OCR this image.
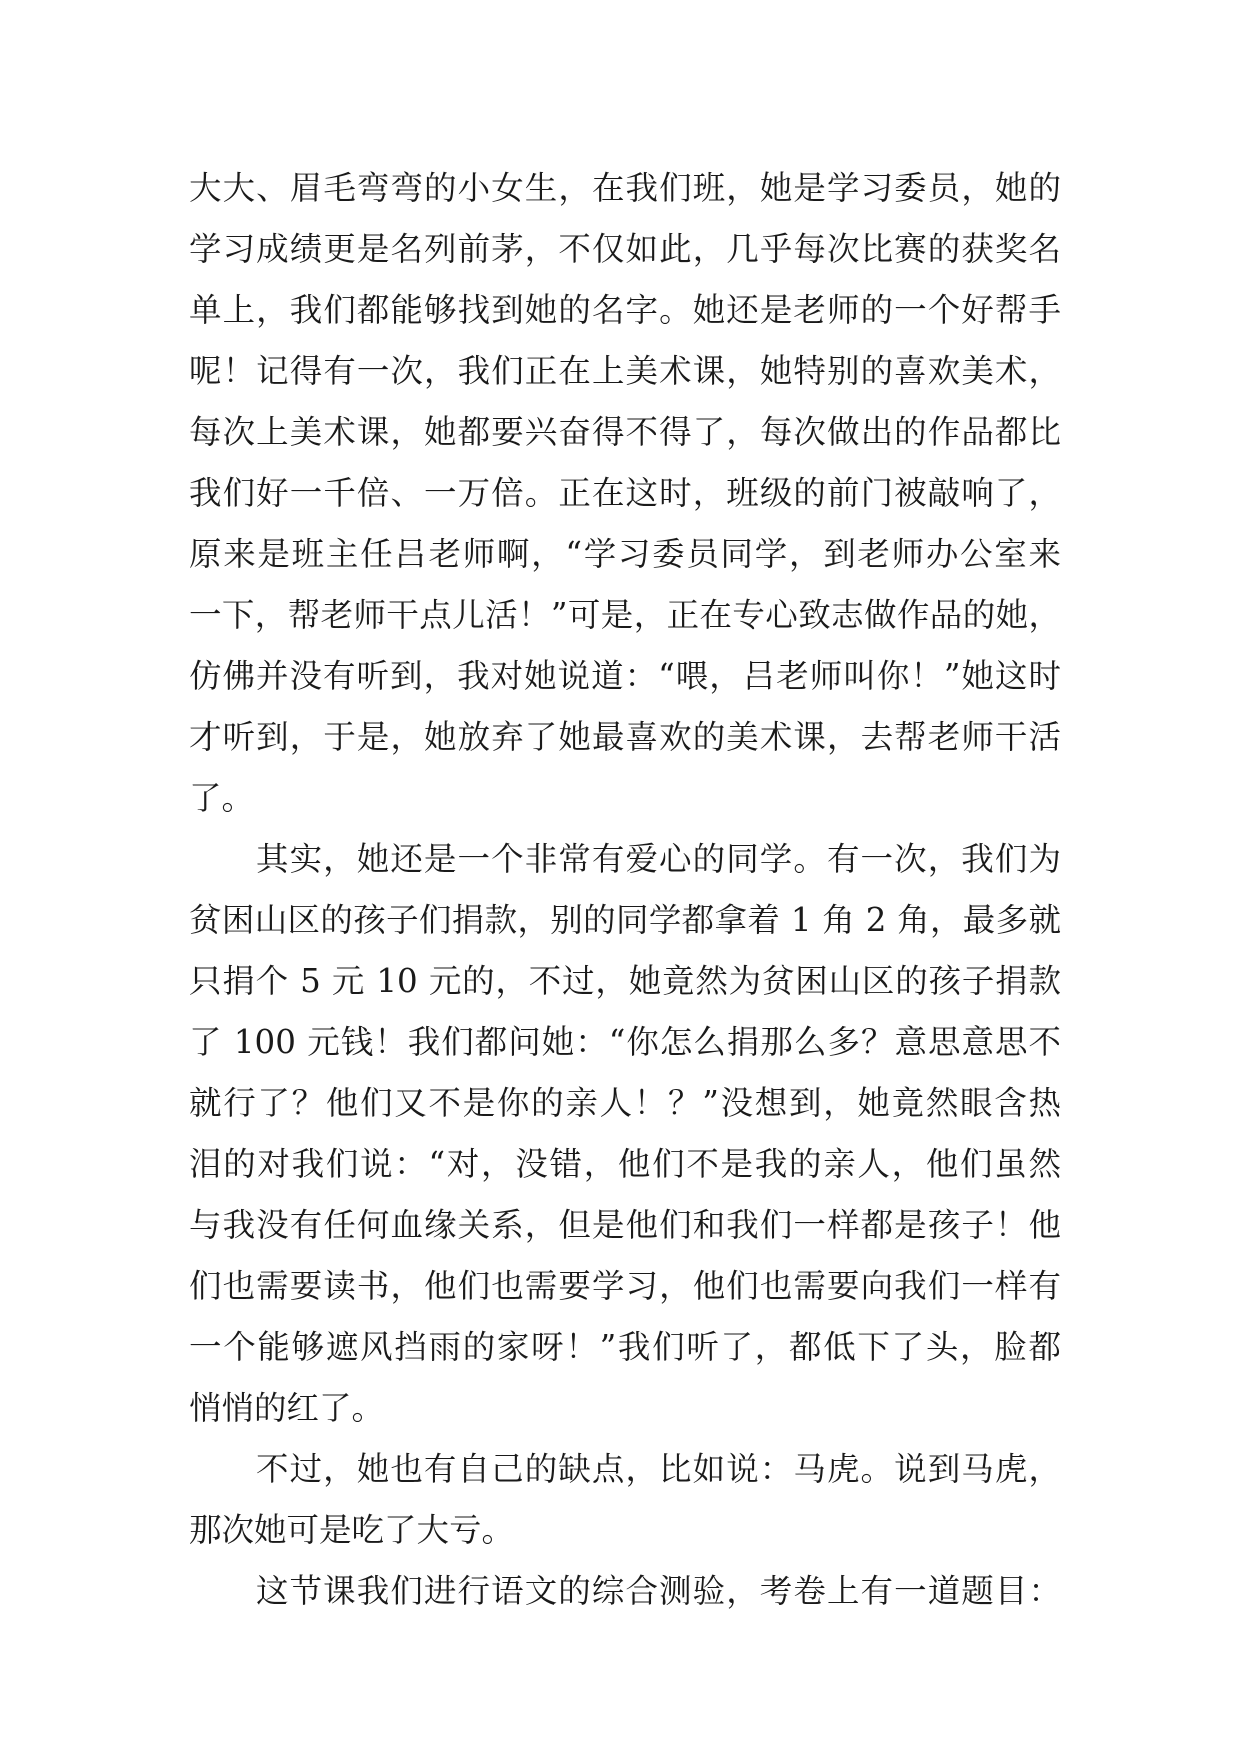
大大、眉毛弯弯的小女生，在我们班，她是学习委员，她的
学习成绩更是名列前茅，不仅如此，几乎每次比赛的获奖名
单上，我们都能够找到她的名字。她还是老师的一个好帮手
呢！记得有一次，我们正在上美术课，她特别的喜欢美术，
每次上美术课，她都要兴奋得不得了，每次做出的作品都比
我们好一千倍、一万倍。正在这时，班级的前门被敲响了，
原来是班主任吕老师啊，“学习委员同学，到老师办公室来
一下，帮老师干点儿活！”可是，正在专心致志做作品的她，
仿佛并没有听到，我对她说道：“喂，吕老师叫你！”她这时
才听到，于是，她放弃了她最喜欢的美术课，去帮老师干活
了。
其实，她还是一个非常有爱心的同学。有一次，我们为
贫困山区的孩子们捐款，别的同学都拿着 1 角 2 角，最多就
只捐个 5 元 10 元的，不过，她竟然为贫困山区的孩子捐款
了 100 元钱！我们都问她：“你怎么捐那么多？意思意思不
就行了？他们又不是你的亲人！？”没想到，她竟然眼含热
泪的对我们说：“对，没错，他们不是我的亲人，他们虽然
与我没有任何血缘关系，但是他们和我们一样都是孩子！他
们也需要读书，他们也需要学习，他们也需要向我们一样有
一个能够遮风挡雨的家呀！”我们听了，都低下了头，脸都
悄悄的红了。
不过，她也有自己的缺点，比如说：马虎。说到马虎，
那次她可是吃了大亏。
这节课我们进行语文的综合测验，考卷上有一道题目：
